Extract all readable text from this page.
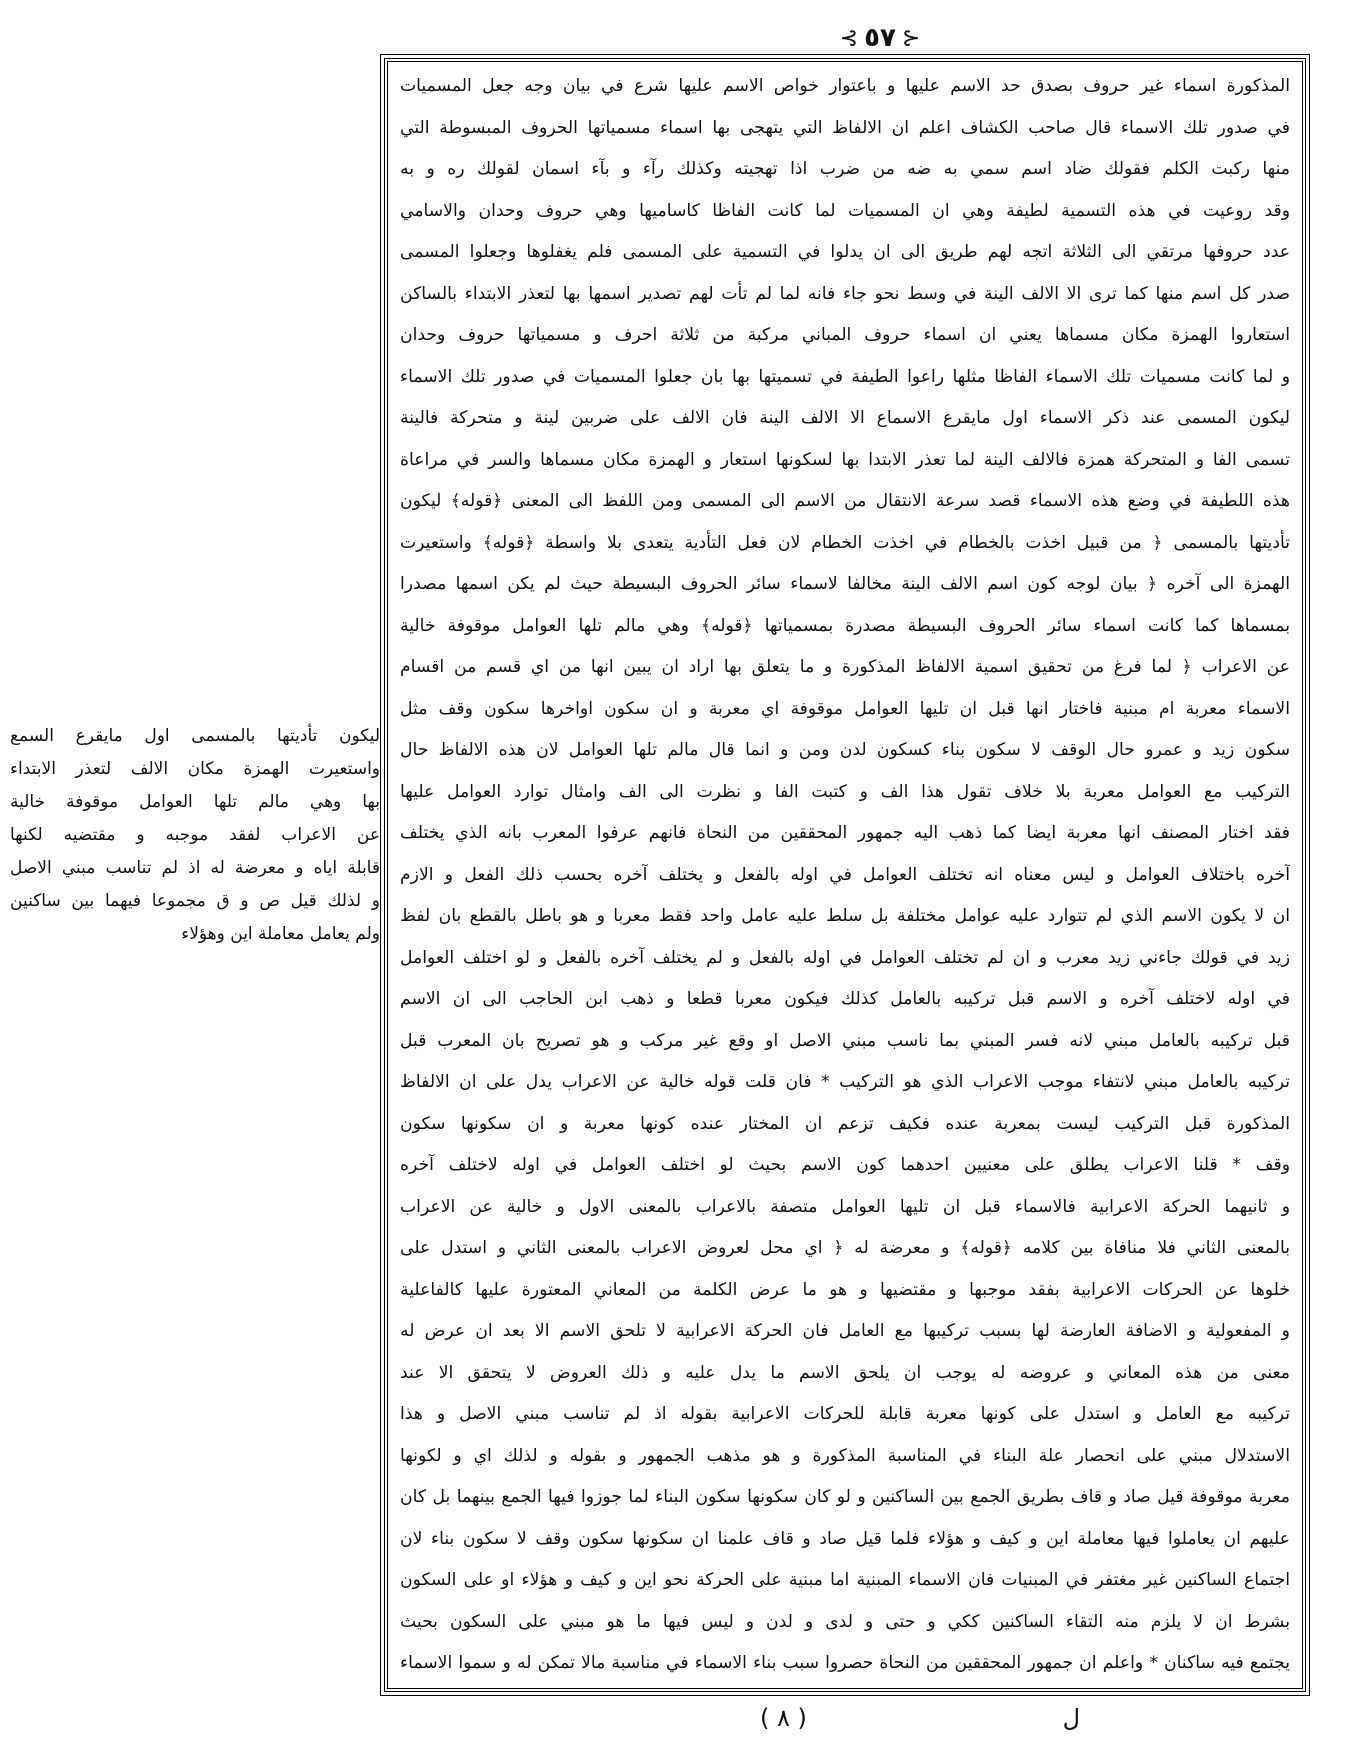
⊰ ٥٧ ⊱
المذكورة اسماء غير حروف بصدق حد الاسم عليها و باعتوار خواص الاسم عليها شرع في بيان وجه جعل المسميات
في صدور تلك الاسماء قال صاحب الكشاف اعلم ان الالفاظ التي يتهجى بها اسماء مسمياتها الحروف المبسوطة التي
منها ركبت الكلم فقولك ضاد اسم سمي به ضه من ضرب اذا تهجيته وكذلك رآء و بآء اسمان لقولك ره و به
وقد روعيت في هذه التسمية لطيفة وهي ان المسميات لما كانت الفاظا كاساميها وهي حروف وحدان والاسامي
عدد حروفها مرتقي الى الثلاثة اتجه لهم طريق الى ان يدلوا في التسمية على المسمى فلم يغفلوها وجعلوا المسمى
صدر كل اسم منها كما ترى الا الالف الينة في وسط نحو جاء فانه لما لم تأت لهم تصدير اسمها بها لتعذر الابتداء بالساكن
استعاروا الهمزة مكان مسماها يعني ان اسماء حروف المباني مركبة من ثلاثة احرف و مسمياتها حروف وحدان
و لما كانت مسميات تلك الاسماء الفاظا مثلها راعوا الطيفة في تسميتها بها بان جعلوا المسميات في صدور تلك الاسماء
ليكون المسمى عند ذكر الاسماء اول مايقرع الاسماع الا الالف الينة فان الالف على ضربين لينة و متحركة فالينة
تسمى الفا و المتحركة همزة فالالف الينة لما تعذر الابتدا بها لسكونها استعار و الهمزة مكان مسماها والسر في مراعاة
هذه اللطيفة في وضع هذه الاسماء قصد سرعة الانتقال من الاسم الى المسمى ومن اللفظ الى المعنى ﴿قوله﴾ ليكون
تأديتها بالمسمى ﴿ من قبيل اخذت بالخطام في اخذت الخطام لان فعل التأدية يتعدى بلا واسطة ﴿قوله﴾ واستعيرت
الهمزة الى آخره ﴿ بيان لوجه كون اسم الالف الينة مخالفا لاسماء سائر الحروف البسيطة حيث لم يكن اسمها مصدرا
بمسماها كما كانت اسماء سائر الحروف البسيطة مصدرة بمسمياتها ﴿قوله﴾ وهي مالم تلها العوامل موقوفة خالية
عن الاعراب ﴿ لما فرغ من تحقيق اسمية الالفاظ المذكورة و ما يتعلق بها اراد ان يبين انها من اي قسم من اقسام
الاسماء معربة ام مبنية فاختار انها قبل ان تليها العوامل موقوفة اي معربة و ان سكون اواخرها سكون وقف مثل
سكون زيد و عمرو حال الوقف لا سكون بناء كسكون لدن ومن و انما قال مالم تلها العوامل لان هذه الالفاظ حال
التركيب مع العوامل معربة بلا خلاف تقول هذا الف و كتبت الفا و نظرت الى الف وامثال توارد العوامل عليها
فقد اختار المصنف انها معربة ايضا كما ذهب اليه جمهور المحققين من النحاة فانهم عرفوا المعرب بانه الذي يختلف
آخره باختلاف العوامل و ليس معناه انه تختلف العوامل في اوله بالفعل و يختلف آخره بحسب ذلك الفعل و الازم
ان لا يكون الاسم الذي لم تتوارد عليه عوامل مختلفة بل سلط عليه عامل واحد فقط معربا و هو باطل بالقطع بان لفظ
زيد في قولك جاءني زيد معرب و ان لم تختلف العوامل في اوله بالفعل و لم يختلف آخره بالفعل و لو اختلف العوامل
في اوله لاختلف آخره و الاسم قبل تركيبه بالعامل كذلك فيكون معربا قطعا و ذهب ابن الحاجب الى ان الاسم
قبل تركيبه بالعامل مبني لانه فسر المبني بما ناسب مبني الاصل او وقع غير مركب و هو تصريح بان المعرب قبل
تركيبه بالعامل مبني لانتفاء موجب الاعراب الذي هو التركيب * فان قلت قوله خالية عن الاعراب يدل على ان الالفاظ
المذكورة قبل التركيب ليست بمعربة عنده فكيف تزعم ان المختار عنده كونها معربة و ان سكونها سكون
وقف * قلنا الاعراب يطلق على معنيين احدهما كون الاسم بحيث لو اختلف العوامل في اوله لاختلف آخره
و ثانيهما الحركة الاعرابية فالاسماء قبل ان تليها العوامل متصفة بالاعراب بالمعنى الاول و خالية عن الاعراب
بالمعنى الثاني فلا منافاة بين كلامه ﴿قوله﴾ و معرضة له ﴿ اي محل لعروض الاعراب بالمعنى الثاني و استدل على
خلوها عن الحركات الاعرابية بفقد موجبها و مقتضيها و هو ما عرض الكلمة من المعاني المعتورة عليها كالفاعلية
و المفعولية و الاضافة العارضة لها بسبب تركيبها مع العامل فان الحركة الاعرابية لا تلحق الاسم الا بعد ان عرض له
معنى من هذه المعاني و عروضه له يوجب ان يلحق الاسم ما يدل عليه و ذلك العروض لا يتحقق الا عند
تركيبه مع العامل و استدل على كونها معربة قابلة للحركات الاعرابية بقوله اذ لم تناسب مبني الاصل و هذا
الاستدلال مبني على انحصار علة البناء في المناسبة المذكورة و هو مذهب الجمهور و بقوله و لذلك اي و لكونها
معربة موقوفة قيل صاد و قاف بطريق الجمع بين الساكنين و لو كان سكونها سكون البناء لما جوزوا فيها الجمع بينهما بل كان
عليهم ان يعاملوا فيها معاملة اين و كيف و هؤلاء فلما قيل صاد و قاف علمنا ان سكونها سكون وقف لا سكون بناء لان
اجتماع الساكنين غير مغتفر في المبنيات فان الاسماء المبنية اما مبنية على الحركة نحو اين و كيف و هؤلاء او على السكون
بشرط ان لا يلزم منه التقاء الساكنين ككي و حتى و لدى و لدن و ليس فيها ما هو مبني على السكون بحيث
يجتمع فيه ساكنان * واعلم ان جمهور المحققين من النحاة حصروا سبب بناء الاسماء في مناسبة مالا تمكن له و سموا الاسماء
ليكون تأديتها بالمسمى اول مايقرع السمع
واستعيرت الهمزة مكان الالف لتعذر الابتداء
بها وهي مالم تلها العوامل موقوفة خالية
عن الاعراب لفقد موجبه و مقتضيه لكنها
قابلة اياه و معرضة له اذ لم تناسب مبني الاصل
و لذلك قيل ص و ق مجموعا فيهما بين ساكنين
ولم يعامل معاملة اين وهؤلاء
ل
( ٨ )
